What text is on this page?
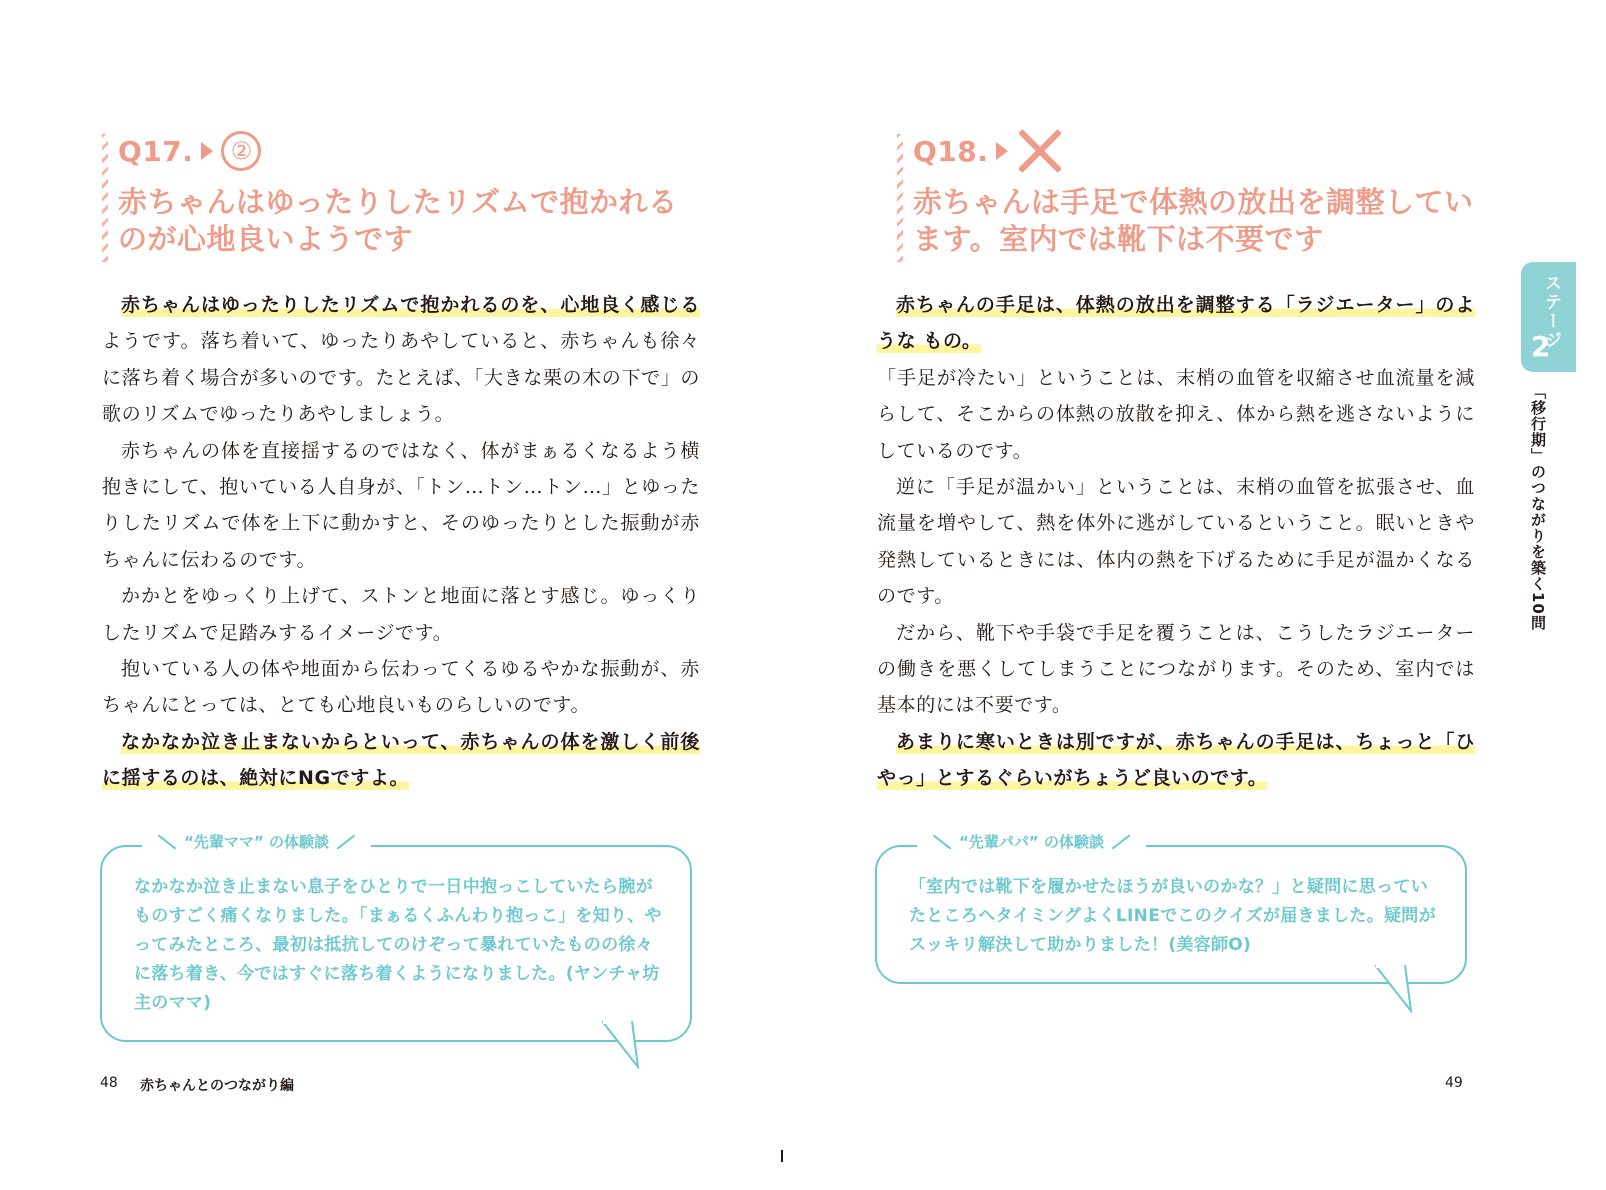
Q17.	②
赤ちゃんはゆったりしたリズムで抱かれる
のが心地良いようです

赤ちゃんはゆったりしたリズムで抱かれるのを、心地良く感じるようです。落ち着いて、ゆったりあやしていると、赤ちゃんも徐々に落ち着く場合が多いのです。たとえば、「大きな栗の木の下で」の歌のリズムでゆったりあやしましょう。

赤ちゃんの体を直接揺するのではなく、体がまぁるくなるよう横抱きにして、抱いている人自身が、「トン…トン…トン…」とゆったりしたリズムで体を上下に動かすと、そのゆったりとした振動が赤ちゃんに伝わるのです。

かかとをゆっくり上げて、ストンと地面に落とす感じ。ゆっくりしたリズムで足踏みするイメージです。

抱いている人の体や地面から伝わってくるゆるやかな振動が、赤ちゃんにとっては、とても心地良いものらしいのです。

なかなか泣き止まないからといって、赤ちゃんの体を激しく前後に揺するのは、絶対にNGですよ。

“先輩ママ” の体験談
なかなか泣き止まない息子をひとりで一日中抱っこしていたら腕がものすごく痛くなりました。「まぁるくふんわり抱っこ」を知り、やってみたところ、最初は抵抗してのけぞって暴れていたものの徐々に落ち着き、今ではすぐに落ち着くようになりました。(ヤンチャ坊主のママ)
48 赤ちゃんとのつながり編
Q18.
赤ちゃんは手足で体熱の放出を調整してい
ます。室内では靴下は不要です

赤ちゃんの手足は、体熱の放出を調整する「ラジエーター」のような もの。

「手足が冷たい」ということは、末梢の血管を収縮させ血流量を減らして、そこからの体熱の放散を抑え、体から熱を逃さないようにしているのです。

逆に「手足が温かい」ということは、末梢の血管を拡張させ、血流量を増やして、熱を体外に逃がしているということ。眠いときや発熱しているときには、体内の熱を下げるために手足が温かくなるのです。

だから、靴下や手袋で手足を覆うことは、こうしたラジエーターの働きを悪くしてしまうことにつながります。そのため、室内では基本的には不要です。

あまりに寒いときは別ですが、赤ちゃんの手足は、ちょっと「ひやっ」とするぐらいがちょうど良いのです。

“先輩パパ” の体験談
「室内では靴下を履かせたほうが良いのかな？」と疑問に思っていたところへタイミングよくLINEでこのクイズが届きました。疑問がスッキリ解決して助かりました！(美容師O)
49
ステージ
2
「移行期」のつながりを築く10問
